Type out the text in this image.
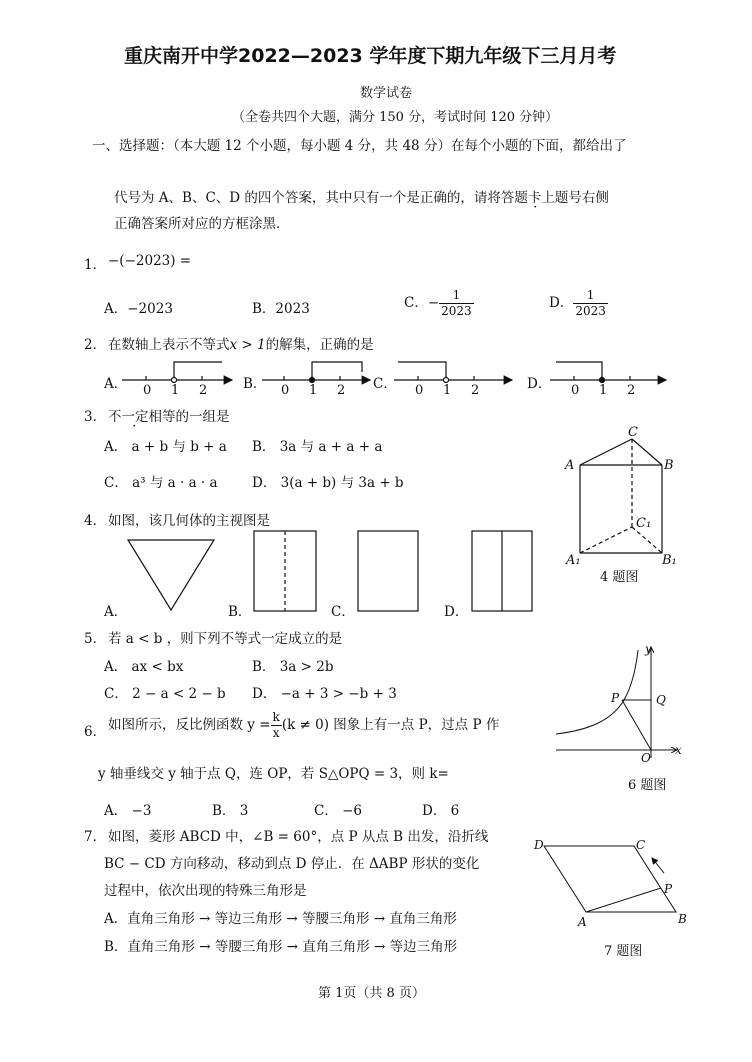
重庆南开中学2022—2023 学年度下期九年级下三月月考
数学试卷
（全卷共四个大题，满分 150 分，考试时间 120 分钟）
一、选择题：（本大题 12 个小题，每小题 4 分，共 48 分）在每个小题的下面，都给出了
代号为 A、B、C、D 的四个答案，其中只有一个是正确的，请将答题卡上题号右侧
正确答案所对应的方框涂黑．
1． −(−2023) =
A．−2023	B．2023	C．− $\frac{1}{2023}$	D． $\frac{1}{2023}$
2． 在数轴上表示不等式x > 1的解集，正确的是
A．	B．	C．	D．
0 1 2	0 1 2	0 1 2	0 1 2
3． 不一定相等的一组是
A． a + b 与 b + a B． 3a 与 a + a + a
C． a³ 与 a · a · a	D． 3(a + b) 与 3a + b
A	B
C
A₁	B₁
C₁
4 题图
4． 如图，该几何体的主视图是
A．	B．	C．	D．
5． 若 a < b ，则下列不等式一定成立的是
A． ax < bx	B． 3a > 2b
C． 2 − a < 2 − b D． −a + 3 > −b + 3
y
x
P	Q
O
6 题图
6． 如图所示，反比例函数 $y = \frac{k}{x} (k \ne 0)$ 图象上有一点 P，过点 P 作
y 轴垂线交 y 轴于点 Q，连 OP，若 S△OPQ = 3，则 k=
A． −3	B． 3	C． −6	D． 6
7． 如图，菱形 ABCD 中，∠B = 60°，点 P 从点 B 出发，沿折线
BC − CD 方向移动，移动到点 D 停止．在 ΔABP 形状的变化
过程中，依次出现的特殊三角形是
A．直角三角形 → 等边三角形 → 等腰三角形 → 直角三角形
B．直角三角形 → 等腰三角形 → 直角三角形 → 等边三角形
D	C
P
A	B
7 题图
第 1页（共 8 页）
